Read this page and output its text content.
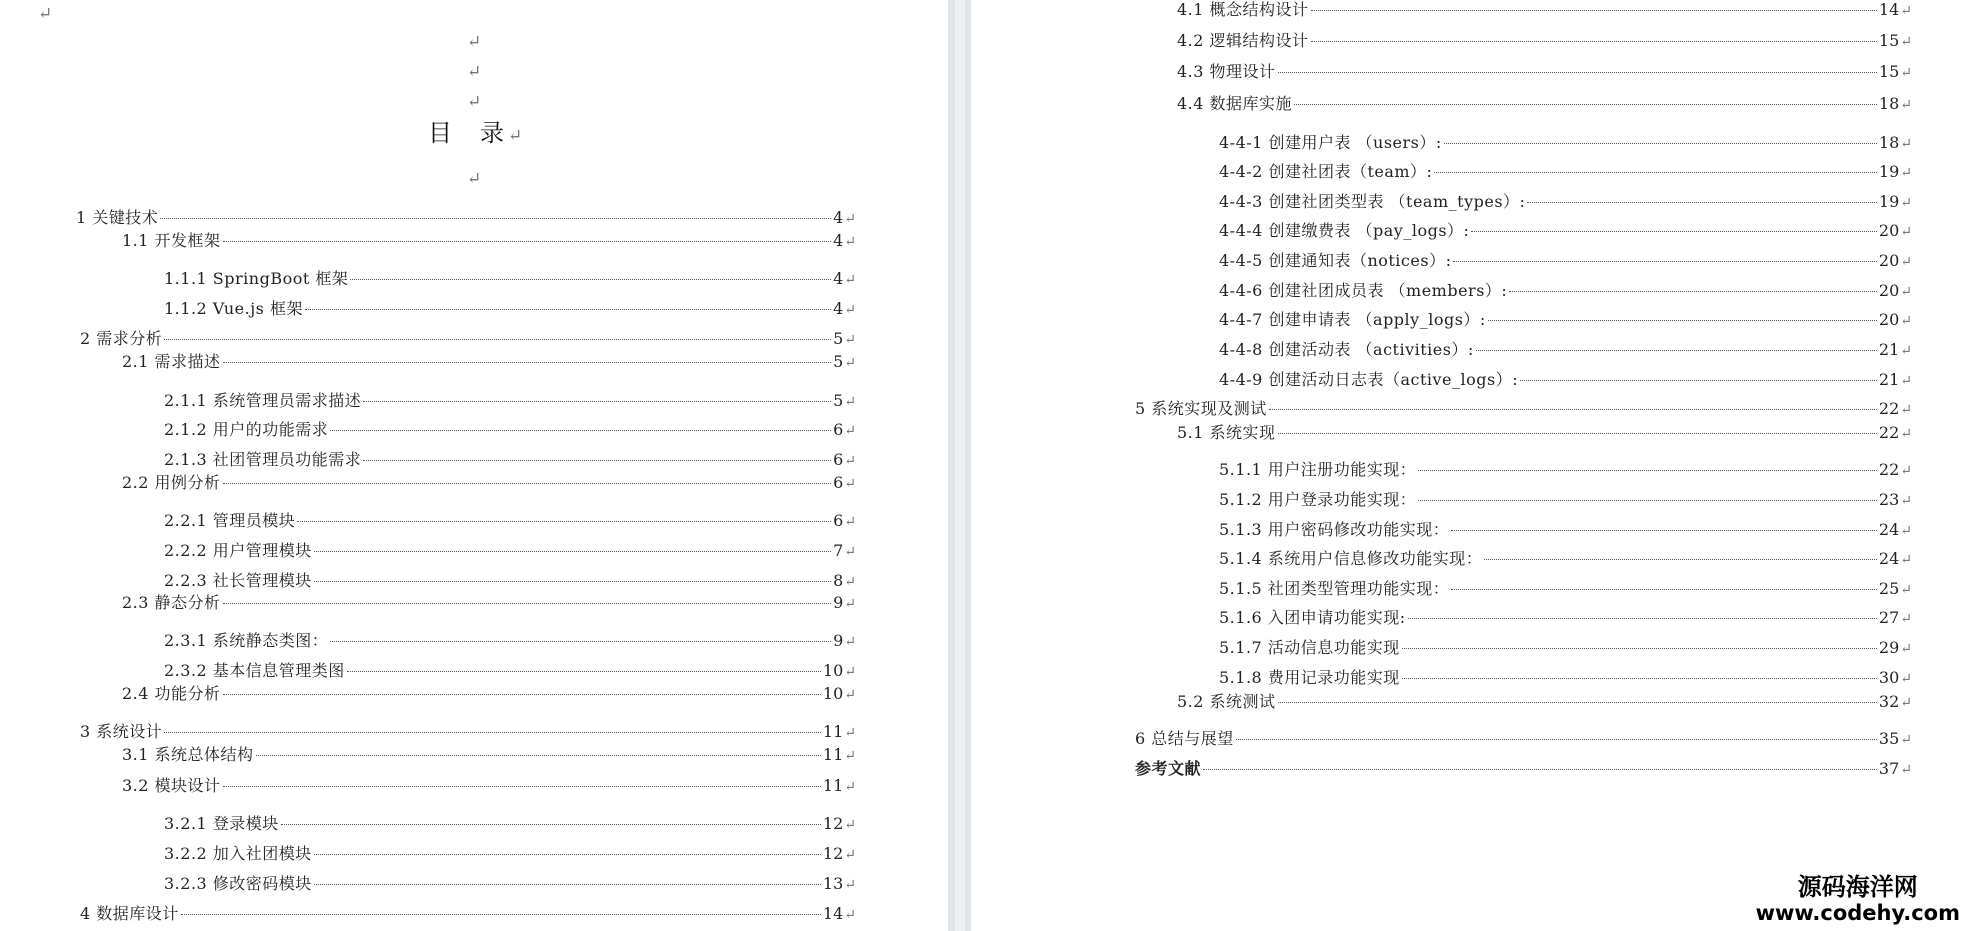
↵
↵
↵
↵
目　录 ↵
↵
1 关键技术	4 ↵
1.1 开发框架	4 ↵
1.1.1 SpringBoot 框架	4 ↵
1.1.2 Vue.js 框架	4 ↵
2 需求分析	5 ↵
2.1 需求描述	5 ↵
2.1.1 系统管理员需求描述	5 ↵
2.1.2 用户的功能需求	6 ↵
2.1.3 社团管理员功能需求	6 ↵
2.2 用例分析	6 ↵
2.2.1 管理员模块	6 ↵
2.2.2 用户管理模块	7 ↵
2.2.3 社长管理模块	8 ↵
2.3 静态分析	9 ↵
2.3.1 系统静态类图：	9 ↵
2.3.2 基本信息管理类图	10 ↵
2.4 功能分析	10 ↵
3 系统设计	11 ↵
3.1 系统总体结构	11 ↵
3.2 模块设计	11 ↵
3.2.1 登录模块	12 ↵
3.2.2 加入社团模块	12 ↵
3.2.3 修改密码模块	13 ↵
4 数据库设计	14 ↵
4.1 概念结构设计	14 ↵
4.2 逻辑结构设计	15 ↵
4.3 物理设计	15 ↵
4.4 数据库实施	18 ↵
4-4-1 创建用户表 （users）:	18 ↵
4-4-2 创建社团表（team）:	19 ↵
4-4-3 创建社团类型表 （team_types）:	19 ↵
4-4-4 创建缴费表 （pay_logs）:	20 ↵
4-4-5 创建通知表（notices）:	20 ↵
4-4-6 创建社团成员表 （members）:	20 ↵
4-4-7 创建申请表 （apply_logs）:	20 ↵
4-4-8 创建活动表 （activities）:	21 ↵
4-4-9 创建活动日志表（active_logs）:	21 ↵
5 系统实现及测试	22 ↵
5.1 系统实现	22 ↵
5.1.1 用户注册功能实现：	22 ↵
5.1.2 用户登录功能实现：	23 ↵
5.1.3 用户密码修改功能实现：	24 ↵
5.1.4 系统用户信息修改功能实现：	24 ↵
5.1.5 社团类型管理功能实现：	25 ↵
5.1.6 入团申请功能实现:	27 ↵
5.1.7 活动信息功能实现	29 ↵
5.1.8 费用记录功能实现	30 ↵
5.2 系统测试	32 ↵
6 总结与展望	35 ↵
参考文献	37 ↵
源码海洋网
www.codehy.com
